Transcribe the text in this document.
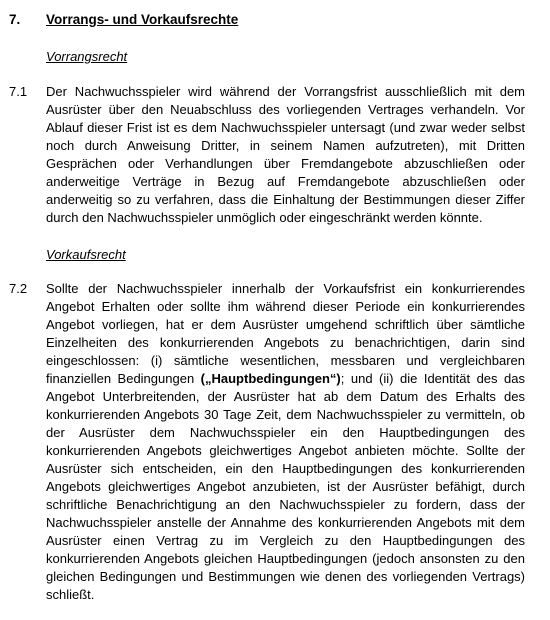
7. Vorrangs- und Vorkaufsrechte
Vorrangsrecht
7.1 Der Nachwuchsspieler wird während der Vorrangsfrist ausschließlich mit dem Ausrüster über den Neuabschluss des vorliegenden Vertrages verhandeln. Vor Ablauf dieser Frist ist es dem Nachwuchsspieler untersagt (und zwar weder selbst noch durch Anweisung Dritter, in seinem Namen aufzutreten), mit Dritten Gesprächen oder Verhandlungen über Fremdangebote abzuschließen oder anderweitige Verträge in Bezug auf Fremdangebote abzuschließen oder anderweitig so zu verfahren, dass die Einhaltung der Bestimmungen dieser Ziffer durch den Nachwuchsspieler unmöglich oder eingeschränkt werden könnte.
Vorkaufsrecht
7.2 Sollte der Nachwuchsspieler innerhalb der Vorkaufsfrist ein konkurrierendes Angebot Erhalten oder sollte ihm während dieser Periode ein konkurrierendes Angebot vorliegen, hat er dem Ausrüster umgehend schriftlich über sämtliche Einzelheiten des konkurrierenden Angebots zu benachrichtigen, darin sind eingeschlossen: (i) sämtliche wesentlichen, messbaren und vergleichbaren finanziellen Bedingungen („Hauptbedingungen“); und (ii) die Identität des das Angebot Unterbreitenden, der Ausrüster hat ab dem Datum des Erhalts des konkurrierenden Angebots 30 Tage Zeit, dem Nachwuchsspieler zu vermitteln, ob der Ausrüster dem Nachwuchsspieler ein den Hauptbedingungen des konkurrierenden Angebots gleichwertiges Angebot anbieten möchte. Sollte der Ausrüster sich entscheiden, ein den Hauptbedingungen des konkurrierenden Angebots gleichwertiges Angebot anzubieten, ist der Ausrüster befähigt, durch schriftliche Benachrichtigung an den Nachwuchsspieler zu fordern, dass der Nachwuchsspieler anstelle der Annahme des konkurrierenden Angebots mit dem Ausrüster einen Vertrag zu im Vergleich zu den Hauptbedingungen des konkurrierenden Angebots gleichen Hauptbedingungen (jedoch ansonsten zu den gleichen Bedingungen und Bestimmungen wie denen des vorliegenden Vertrags) schließt.
